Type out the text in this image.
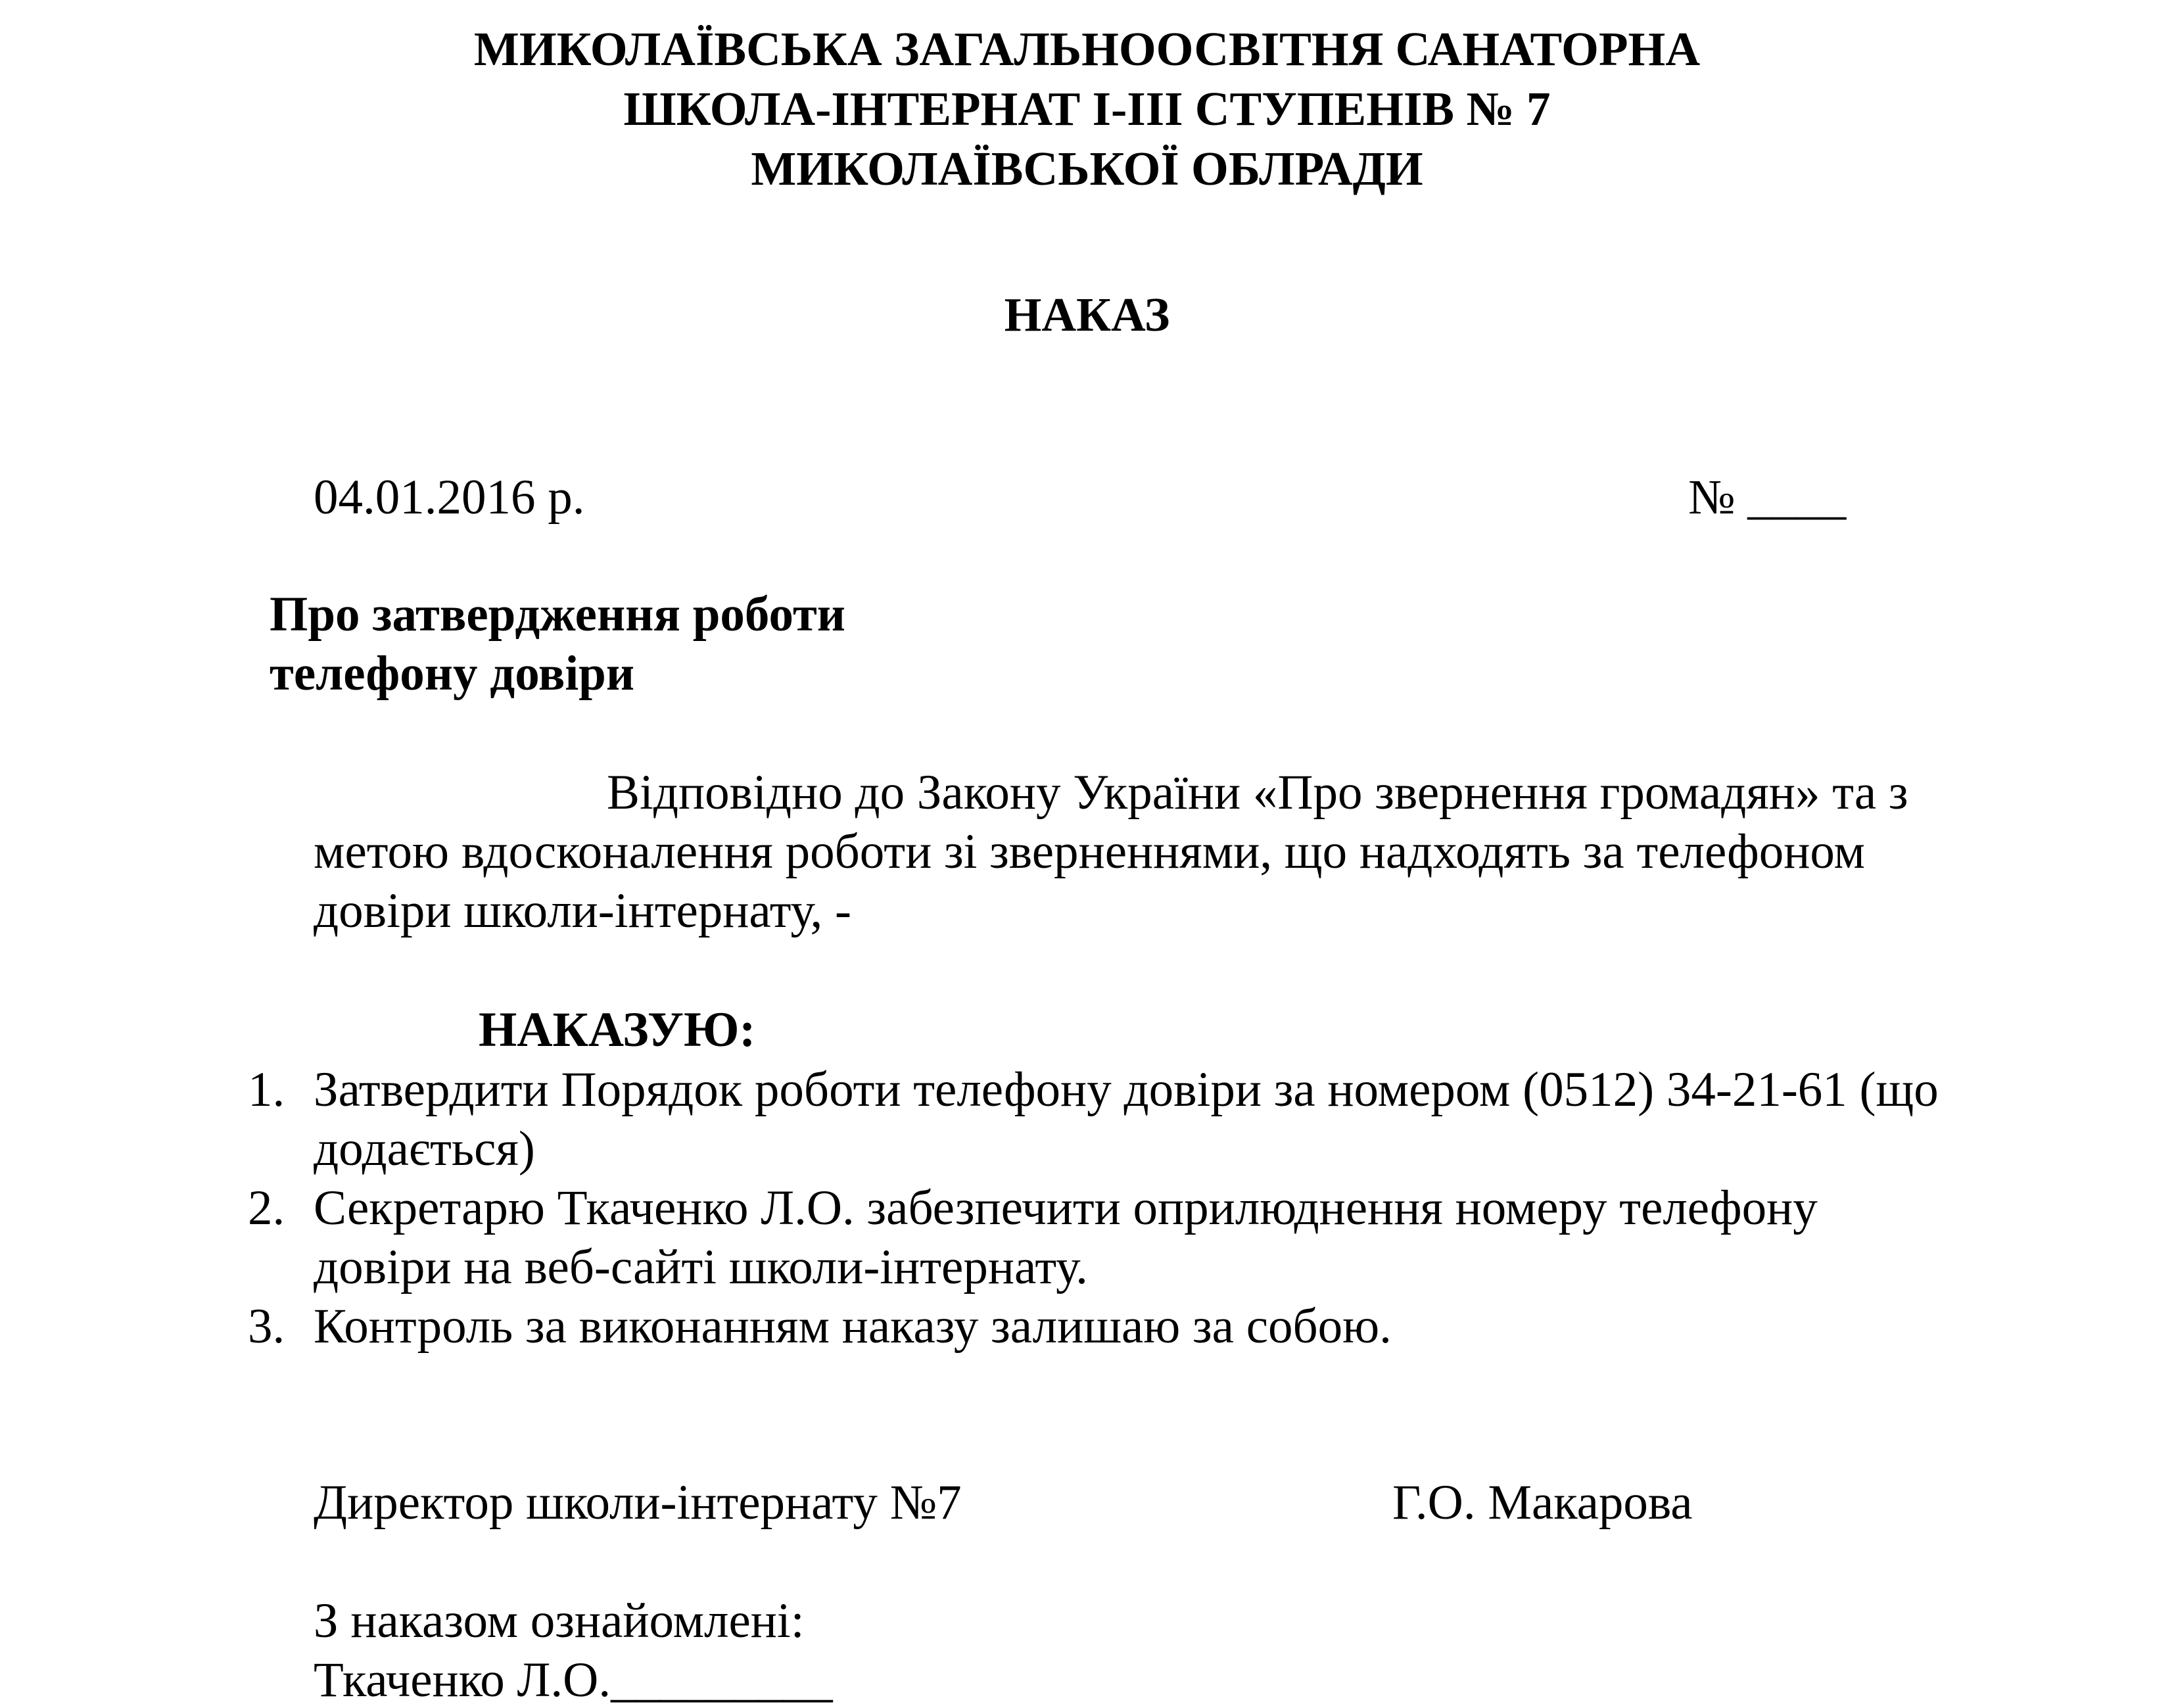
МИКОЛАЇВСЬКА ЗАГАЛЬНООСВІТНЯ САНАТОРНА
ШКОЛА-ІНТЕРНАТ І-ІІІ СТУПЕНІВ № 7
МИКОЛАЇВСЬКОЇ ОБЛРАДИ
НАКАЗ
04.01.2016 р.	№ ____
Про затвердження роботи
телефону довіри
Відповідно до Закону України «Про звернення громадян» та з
метою вдосконалення роботи зі зверненнями, що надходять за телефоном
довіри школи-інтернату, -
НАКАЗУЮ:
1. Затвердити Порядок роботи телефону довіри за номером (0512) 34-21-61 (що
додається)
2. Секретарю Ткаченко Л.О. забезпечити оприлюднення номеру телефону
довіри на веб-сайті школи-інтернату.
3. Контроль за виконанням наказу залишаю за собою.
Директор школи-інтернату №7	Г.О. Макарова
З наказом ознайомлені:
Ткаченко Л.О._________
